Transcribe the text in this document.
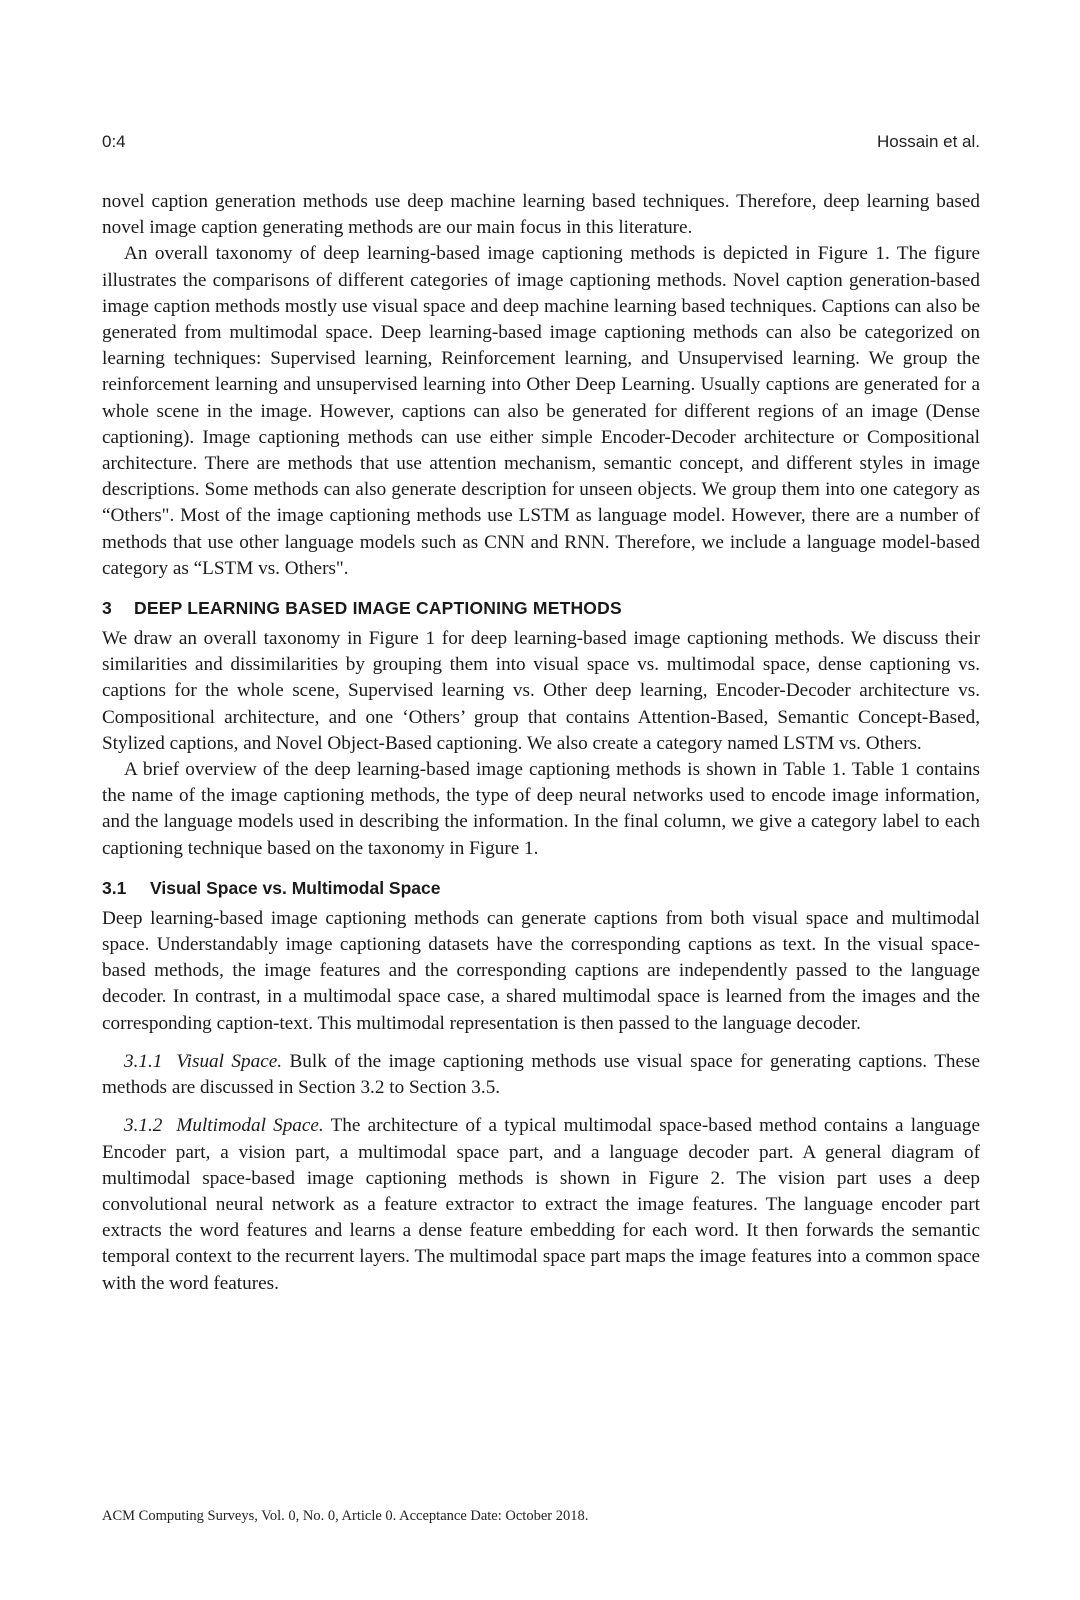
0:4	Hossain et al.

novel caption generation methods use deep machine learning based techniques. Therefore, deep learning based novel image caption generating methods are our main focus in this literature.

An overall taxonomy of deep learning-based image captioning methods is depicted in Figure 1. The figure illustrates the comparisons of different categories of image captioning methods. Novel caption generation-based image caption methods mostly use visual space and deep machine learning based techniques. Captions can also be generated from multimodal space. Deep learning-based image captioning methods can also be categorized on learning techniques: Supervised learning, Reinforcement learning, and Unsupervised learning. We group the reinforcement learning and unsupervised learning into Other Deep Learning. Usually captions are generated for a whole scene in the image. However, captions can also be generated for different regions of an image (Dense captioning). Image captioning methods can use either simple Encoder-Decoder architecture or Compositional architecture. There are methods that use attention mechanism, semantic concept, and different styles in image descriptions. Some methods can also generate description for unseen objects. We group them into one category as “Others". Most of the image captioning methods use LSTM as language model. However, there are a number of methods that use other language models such as CNN and RNN. Therefore, we include a language model-based category as “LSTM vs. Others".

3 DEEP LEARNING BASED IMAGE CAPTIONING METHODS

We draw an overall taxonomy in Figure 1 for deep learning-based image captioning methods. We discuss their similarities and dissimilarities by grouping them into visual space vs. multimodal space, dense captioning vs. captions for the whole scene, Supervised learning vs. Other deep learning, Encoder-Decoder architecture vs. Compositional architecture, and one ‘Others’ group that contains Attention-Based, Semantic Concept-Based, Stylized captions, and Novel Object-Based captioning. We also create a category named LSTM vs. Others.

A brief overview of the deep learning-based image captioning methods is shown in Table 1. Table 1 contains the name of the image captioning methods, the type of deep neural networks used to encode image information, and the language models used in describing the information. In the final column, we give a category label to each captioning technique based on the taxonomy in Figure 1.

3.1 Visual Space vs. Multimodal Space

Deep learning-based image captioning methods can generate captions from both visual space and multimodal space. Understandably image captioning datasets have the corresponding captions as text. In the visual space-based methods, the image features and the corresponding captions are independently passed to the language decoder. In contrast, in a multimodal space case, a shared multimodal space is learned from the images and the corresponding caption-text. This multimodal representation is then passed to the language decoder.

3.1.1 Visual Space. Bulk of the image captioning methods use visual space for generating captions. These methods are discussed in Section 3.2 to Section 3.5.

3.1.2 Multimodal Space. The architecture of a typical multimodal space-based method contains a language Encoder part, a vision part, a multimodal space part, and a language decoder part. A general diagram of multimodal space-based image captioning methods is shown in Figure 2. The vision part uses a deep convolutional neural network as a feature extractor to extract the image features. The language encoder part extracts the word features and learns a dense feature embedding for each word. It then forwards the semantic temporal context to the recurrent layers. The multimodal space part maps the image features into a common space with the word features.

ACM Computing Surveys, Vol. 0, No. 0, Article 0. Acceptance Date: October 2018.
